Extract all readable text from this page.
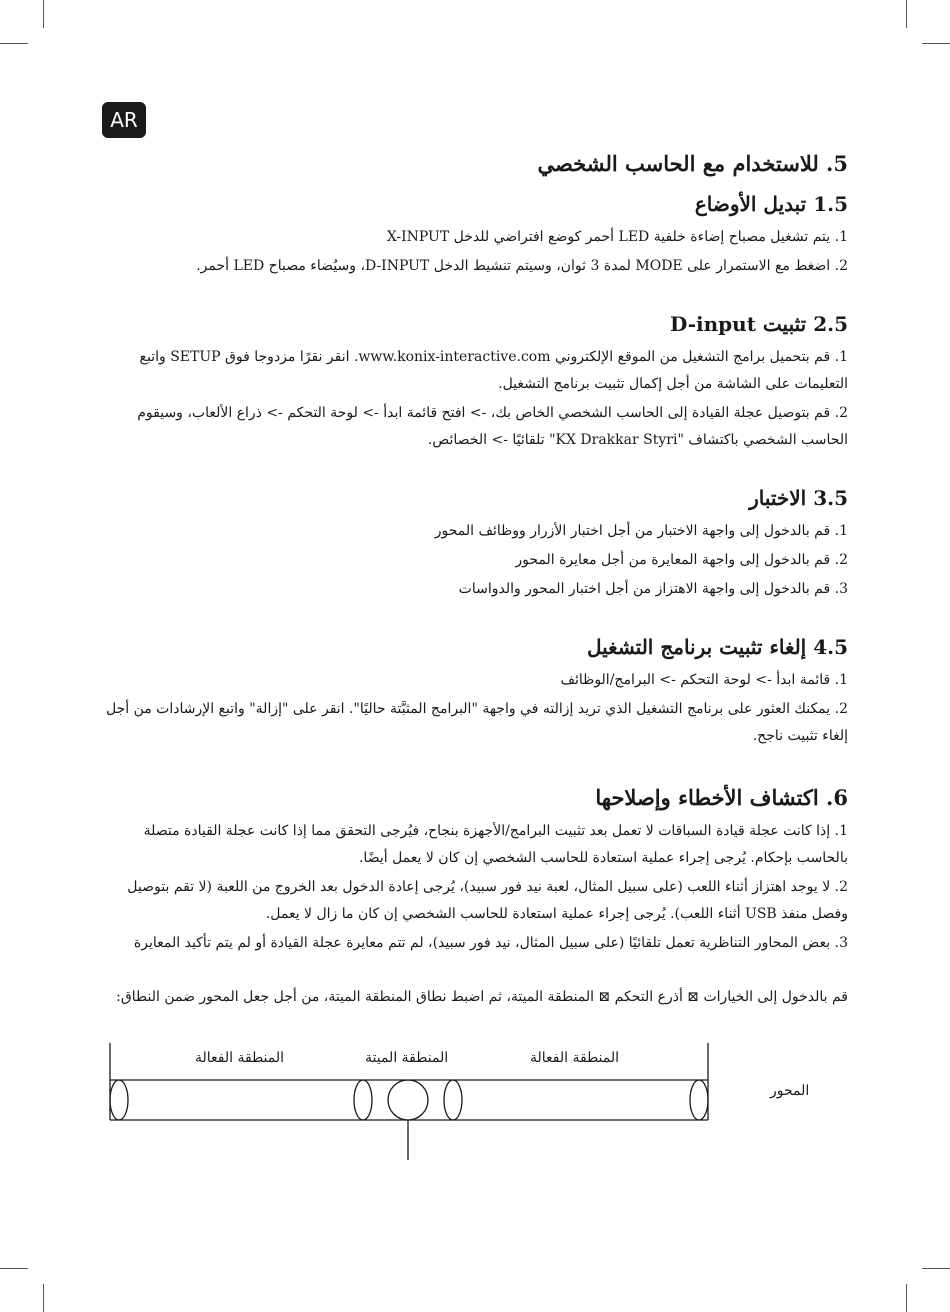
AR
5. للاستخدام مع الحاسب الشخصي
1.5 تبديل الأوضاع

1. يتم تشغيل مصباح إضاءة خلفية LED أحمر كوضع افتراضي للدخل X-INPUT

2. اضغط مع الاستمرار على MODE لمدة 3 ثوان، وسيتم تنشيط الدخل D-INPUT، وسيُضاء مصباح LED أحمر.

2.5 تثبيت D-input

1. قم بتحميل برامج التشغيل من الموقع الإلكتروني www.konix-interactive.com. انقر نقرًا مزدوجا فوق SETUP واتبع التعليمات على الشاشة من أجل إكمال تثبيت برنامج التشغيل.

2. قم بتوصيل عجلة القيادة إلى الحاسب الشخصي الخاص بك، -> افتح قائمة ابدأ -> لوحة التحكم -> ذراع الألعاب، وسيقوم الحاسب الشخصي باكتشاف "KX Drakkar Styri" تلقائيًا -> الخصائص.

3.5 الاختبار

1. قم بالدخول إلى واجهة الاختبار من أجل اختبار الأزرار ووظائف المحور

2. قم بالدخول إلى واجهة المعايرة من أجل معايرة المحور

3. قم بالدخول إلى واجهة الاهتزاز من أجل اختبار المحور والدواسات

4.5 إلغاء تثبيت برنامج التشغيل

1. قائمة ابدأ -> لوحة التحكم -> البرامج/الوظائف

2. يمكنك العثور على برنامج التشغيل الذي تريد إزالته في واجهة "البرامج المثبَّتة حاليًا". انقر على "إزالة" واتبع الإرشادات من أجل إلغاء تثبيت ناجح.

6. اكتشاف الأخطاء وإصلاحها

1. إذا كانت عجلة قيادة السباقات لا تعمل بعد تثبيت البرامج/الأجهزة بنجاح، فيُرجى التحقق مما إذا كانت عجلة القيادة متصلة بالحاسب بإحكام. يُرجى إجراء عملية استعادة للحاسب الشخصي إن كان لا يعمل أيضًا.

2. لا يوجد اهتزاز أثناء اللعب (على سبيل المثال، لعبة نيد فور سبيد)، يُرجى إعادة الدخول بعد الخروج من اللعبة (لا تقم بتوصيل وفصل منفذ USB أثناء اللعب). يُرجى إجراء عملية استعادة للحاسب الشخصي إن كان ما زال لا يعمل.

3. بعض المحاور التناظرية تعمل تلقائيًا (على سبيل المثال، نيد فور سبيد)، لم تتم معايرة عجلة القيادة أو لم يتم تأكيد المعايرة

قم بالدخول إلى الخيارات ⊠ أذرع التحكم ⊠ المنطقة الميتة، ثم اضبط نطاق المنطقة الميتة، من أجل جعل المحور ضمن النطاق:

المنطقة الفعالة	المنطقة الميتة	المنطقة الفعالة
المحور
